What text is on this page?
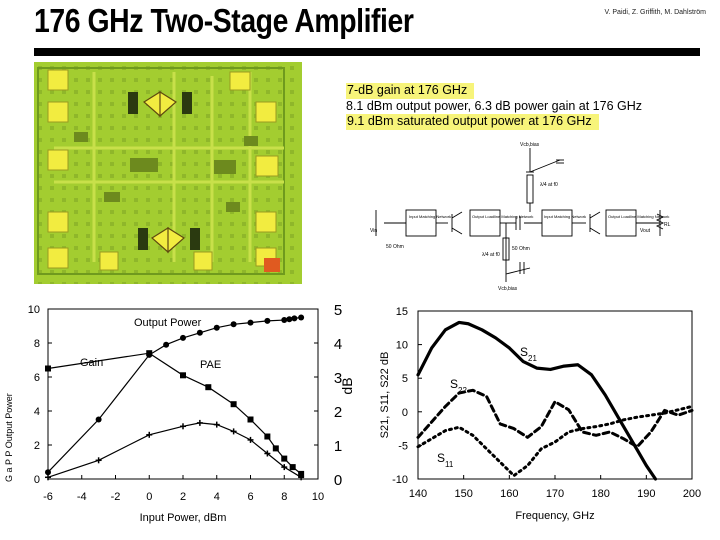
176 GHz Two-Stage Amplifier	V. Paidi, Z. Griffith, M. Dahlström
7-dB gain at 176 GHz
8.1 dBm output power, 6.3 dB power gain at 176 GHz
9.1 dBm saturated output power at 176 GHz
Vcb,bias
λ/4 at f0
Input Matching Network	Output Loadline Matching Network	Input Matching Network	Output Loadline Matching Network
Vin	Vout
RL
50 Ohm	50 Ohm
λ/4 at f0
Vcb,bias
-6 -4 -2 0	2	4	6	8 10
0
2
4
6
8
10
0
1
2
3
4
5
Input Power, dBm
dB
G a P P Output Power
Output Power
Gain	PAE
140 150 160 170 180 190 200
-10
-5
0
5
10
15
Frequency, GHz
S21, S11, S22 dB	$S_{21}$
$S_{22}$
$S_{11}$
